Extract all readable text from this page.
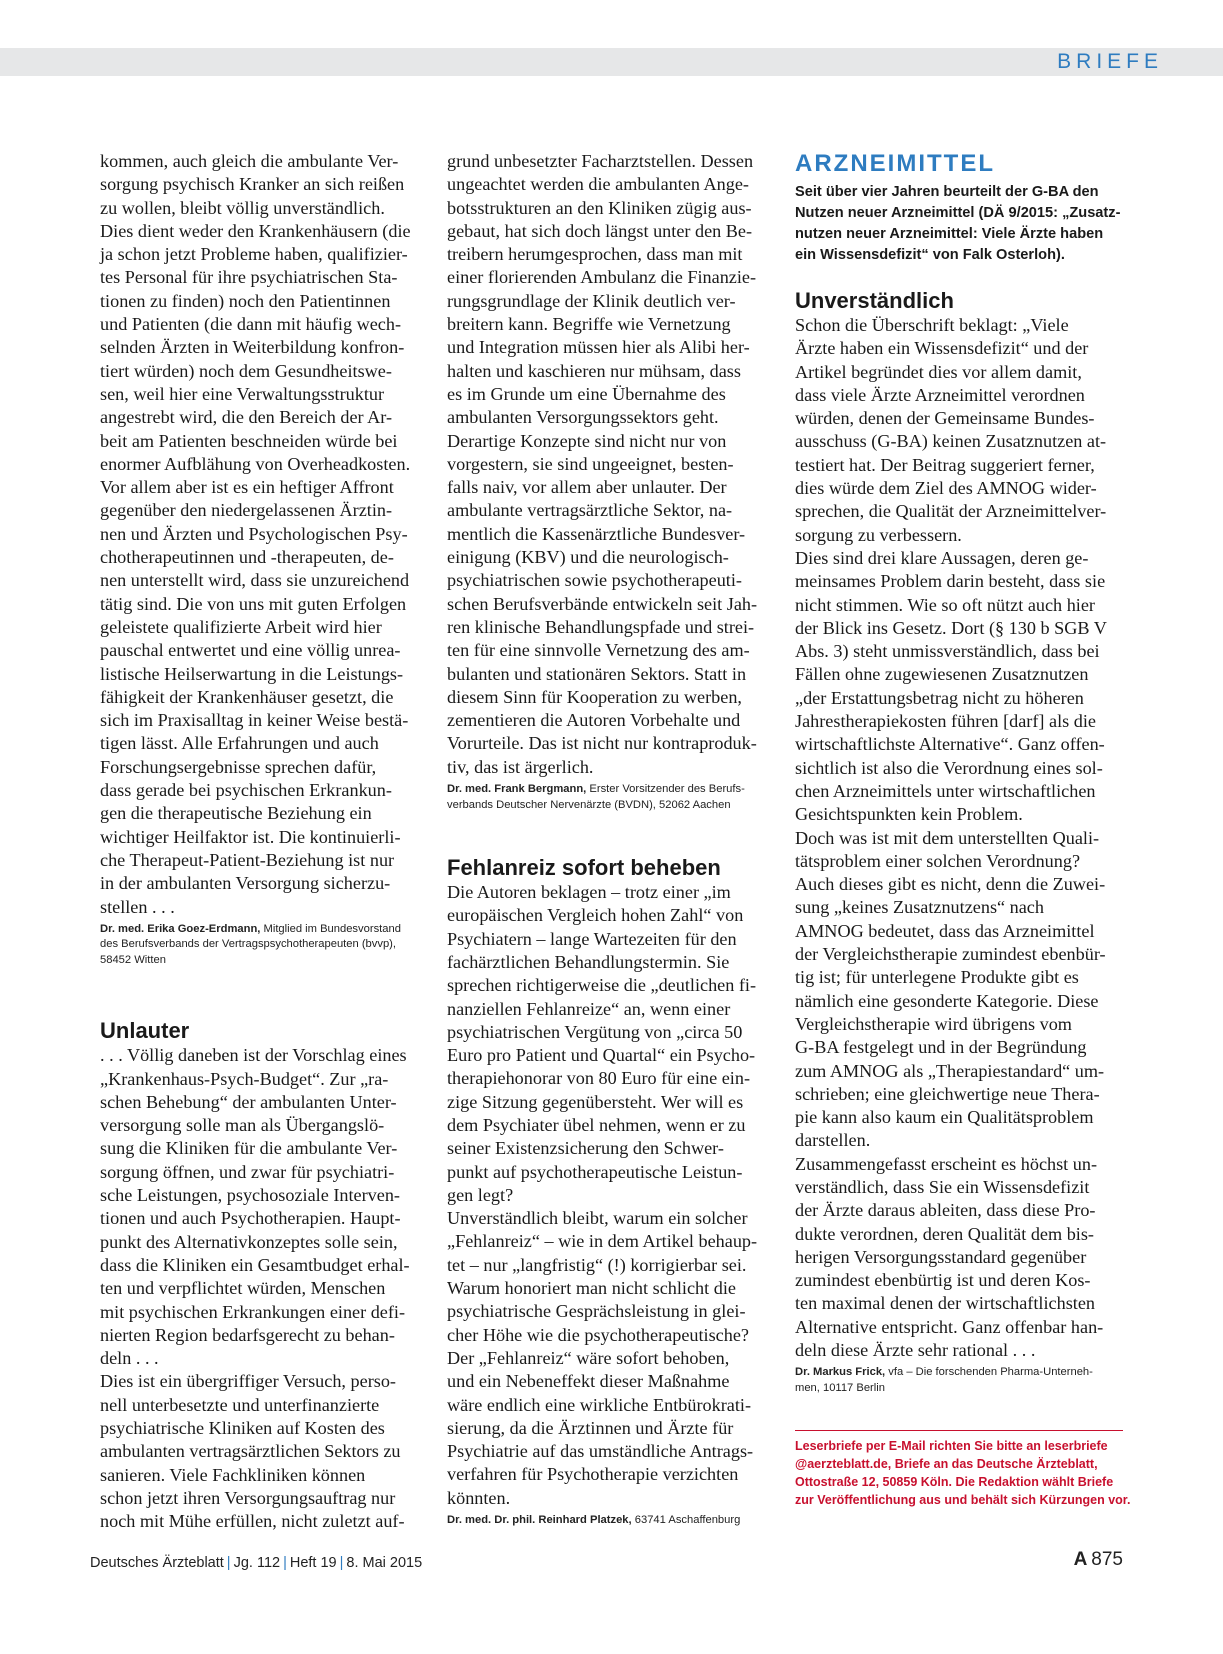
BRIEFE
kommen, auch gleich die ambulante Ver-
sorgung psychisch Kranker an sich reißen
zu wollen, bleibt völlig unverständlich.
Dies dient weder den Krankenhäusern (die
ja schon jetzt Probleme haben, qualifizier-
tes Personal für ihre psychiatrischen Sta-
tionen zu finden) noch den Patientinnen
und Patienten (die dann mit häufig wech-
selnden Ärzten in Weiterbildung konfron-
tiert würden) noch dem Gesundheitswe-
sen, weil hier eine Verwaltungsstruktur
angestrebt wird, die den Bereich der Ar-
beit am Patienten beschneiden würde bei
enormer Aufblähung von Overheadkosten.
Vor allem aber ist es ein heftiger Affront
gegenüber den niedergelassenen Ärztin-
nen und Ärzten und Psychologischen Psy-
chotherapeutinnen und -therapeuten, de-
nen unterstellt wird, dass sie unzureichend
tätig sind. Die von uns mit guten Erfolgen
geleistete qualifizierte Arbeit wird hier
pauschal entwertet und eine völlig unrea-
listische Heilserwartung in die Leistungs-
fähigkeit der Krankenhäuser gesetzt, die
sich im Praxisalltag in keiner Weise bestä-
tigen lässt. Alle Erfahrungen und auch
Forschungsergebnisse sprechen dafür,
dass gerade bei psychischen Erkrankun-
gen die therapeutische Beziehung ein
wichtiger Heilfaktor ist. Die kontinuierli-
che Therapeut-Patient-Beziehung ist nur
in der ambulanten Versorgung sicherzu-
stellen . . .
Dr. med. Erika Goez-Erdmann, Mitglied im Bundesvorstand
des Berufsverbands der Vertragspsychotherapeuten (bvvp),
58452 Witten
Unlauter
. . . Völlig daneben ist der Vorschlag eines
„Krankenhaus-Psych-Budget“. Zur „ra-
schen Behebung“ der ambulanten Unter-
versorgung solle man als Übergangslö-
sung die Kliniken für die ambulante Ver-
sorgung öffnen, und zwar für psychiatri-
sche Leistungen, psychosoziale Interven-
tionen und auch Psychotherapien. Haupt-
punkt des Alternativkonzeptes solle sein,
dass die Kliniken ein Gesamtbudget erhal-
ten und verpflichtet würden, Menschen
mit psychischen Erkrankungen einer defi-
nierten Region bedarfsgerecht zu behan-
deln . . .
Dies ist ein übergriffiger Versuch, perso-
nell unterbesetzte und unterfinanzierte
psychiatrische Kliniken auf Kosten des
ambulanten vertragsärztlichen Sektors zu
sanieren. Viele Fachkliniken können
schon jetzt ihren Versorgungsauftrag nur
noch mit Mühe erfüllen, nicht zuletzt auf-
grund unbesetzter Facharztstellen. Dessen
ungeachtet werden die ambulanten Ange-
botsstrukturen an den Kliniken zügig aus-
gebaut, hat sich doch längst unter den Be-
treibern herumgesprochen, dass man mit
einer florierenden Ambulanz die Finanzie-
rungsgrundlage der Klinik deutlich ver-
breitern kann. Begriffe wie Vernetzung
und Integration müssen hier als Alibi her-
halten und kaschieren nur mühsam, dass
es im Grunde um eine Übernahme des
ambulanten Versorgungssektors geht.
Derartige Konzepte sind nicht nur von
vorgestern, sie sind ungeeignet, besten-
falls naiv, vor allem aber unlauter. Der
ambulante vertragsärztliche Sektor, na-
mentlich die Kassenärztliche Bundesver-
einigung (KBV) und die neurologisch-
psychiatrischen sowie psychotherapeuti-
schen Berufsverbände entwickeln seit Jah-
ren klinische Behandlungspfade und strei-
ten für eine sinnvolle Vernetzung des am-
bulanten und stationären Sektors. Statt in
diesem Sinn für Kooperation zu werben,
zementieren die Autoren Vorbehalte und
Vorurteile. Das ist nicht nur kontraproduk-
tiv, das ist ärgerlich.
Dr. med. Frank Bergmann, Erster Vorsitzender des Berufs-
verbands Deutscher Nervenärzte (BVDN), 52062 Aachen
Fehlanreiz sofort beheben
Die Autoren beklagen – trotz einer „im
europäischen Vergleich hohen Zahl“ von
Psychiatern – lange Wartezeiten für den
fachärztlichen Behandlungstermin. Sie
sprechen richtigerweise die „deutlichen fi-
nanziellen Fehlanreize“ an, wenn einer
psychiatrischen Vergütung von „circa 50
Euro pro Patient und Quartal“ ein Psycho-
therapiehonorar von 80 Euro für eine ein-
zige Sitzung gegenübersteht. Wer will es
dem Psychiater übel nehmen, wenn er zu
seiner Existenzsicherung den Schwer-
punkt auf psychotherapeutische Leistun-
gen legt?
Unverständlich bleibt, warum ein solcher
„Fehlanreiz“ – wie in dem Artikel behaup-
tet – nur „langfristig“ (!) korrigierbar sei.
Warum honoriert man nicht schlicht die
psychiatrische Gesprächsleistung in glei-
cher Höhe wie die psychotherapeutische?
Der „Fehlanreiz“ wäre sofort behoben,
und ein Nebeneffekt dieser Maßnahme
wäre endlich eine wirkliche Entbürokrati-
sierung, da die Ärztinnen und Ärzte für
Psychiatrie auf das umständliche Antrags-
verfahren für Psychotherapie verzichten
könnten.
Dr. med. Dr. phil. Reinhard Platzek, 63741 Aschaffenburg
ARZNEIMITTEL
Seit über vier Jahren beurteilt der G-BA den
Nutzen neuer Arzneimittel (DÄ 9/2015: „Zusatz-
nutzen neuer Arzneimittel: Viele Ärzte haben
ein Wissensdefizit“ von Falk Osterloh).
Unverständlich
Schon die Überschrift beklagt: „Viele
Ärzte haben ein Wissensdefizit“ und der
Artikel begründet dies vor allem damit,
dass viele Ärzte Arzneimittel verordnen
würden, denen der Gemeinsame Bundes-
ausschuss (G-BA) keinen Zusatznutzen at-
testiert hat. Der Beitrag suggeriert ferner,
dies würde dem Ziel des AMNOG wider-
sprechen, die Qualität der Arzneimittelver-
sorgung zu verbessern.
Dies sind drei klare Aussagen, deren ge-
meinsames Problem darin besteht, dass sie
nicht stimmen. Wie so oft nützt auch hier
der Blick ins Gesetz. Dort (§ 130 b SGB V
Abs. 3) steht unmissverständlich, dass bei
Fällen ohne zugewiesenen Zusatznutzen
„der Erstattungsbetrag nicht zu höheren
Jahrestherapiekosten führen [darf] als die
wirtschaftlichste Alternative“. Ganz offen-
sichtlich ist also die Verordnung eines sol-
chen Arzneimittels unter wirtschaftlichen
Gesichtspunkten kein Problem.
Doch was ist mit dem unterstellten Quali-
tätsproblem einer solchen Verordnung?
Auch dieses gibt es nicht, denn die Zuwei-
sung „keines Zusatznutzens“ nach
AMNOG bedeutet, dass das Arzneimittel
der Vergleichstherapie zumindest ebenbür-
tig ist; für unterlegene Produkte gibt es
nämlich eine gesonderte Kategorie. Diese
Vergleichstherapie wird übrigens vom
G-BA festgelegt und in der Begründung
zum AMNOG als „Therapiestandard“ um-
schrieben; eine gleichwertige neue Thera-
pie kann also kaum ein Qualitätsproblem
darstellen.
Zusammengefasst erscheint es höchst un-
verständlich, dass Sie ein Wissensdefizit
der Ärzte daraus ableiten, dass diese Pro-
dukte verordnen, deren Qualität dem bis-
herigen Versorgungsstandard gegenüber
zumindest ebenbürtig ist und deren Kos-
ten maximal denen der wirtschaftlichsten
Alternative entspricht. Ganz offenbar han-
deln diese Ärzte sehr rational . . .
Dr. Markus Frick, vfa – Die forschenden Pharma-Unterneh-
men, 10117 Berlin
Leserbriefe per E-Mail richten Sie bitte an leserbriefe
@aerzteblatt.de, Briefe an das Deutsche Ärzteblatt,
Ottostraße 12, 50859 Köln. Die Redaktion wählt Briefe
zur Veröffentlichung aus und behält sich Kürzungen vor.
Deutsches Ärzteblatt | Jg. 112 | Heft 19 | 8. Mai 2015	A 875
